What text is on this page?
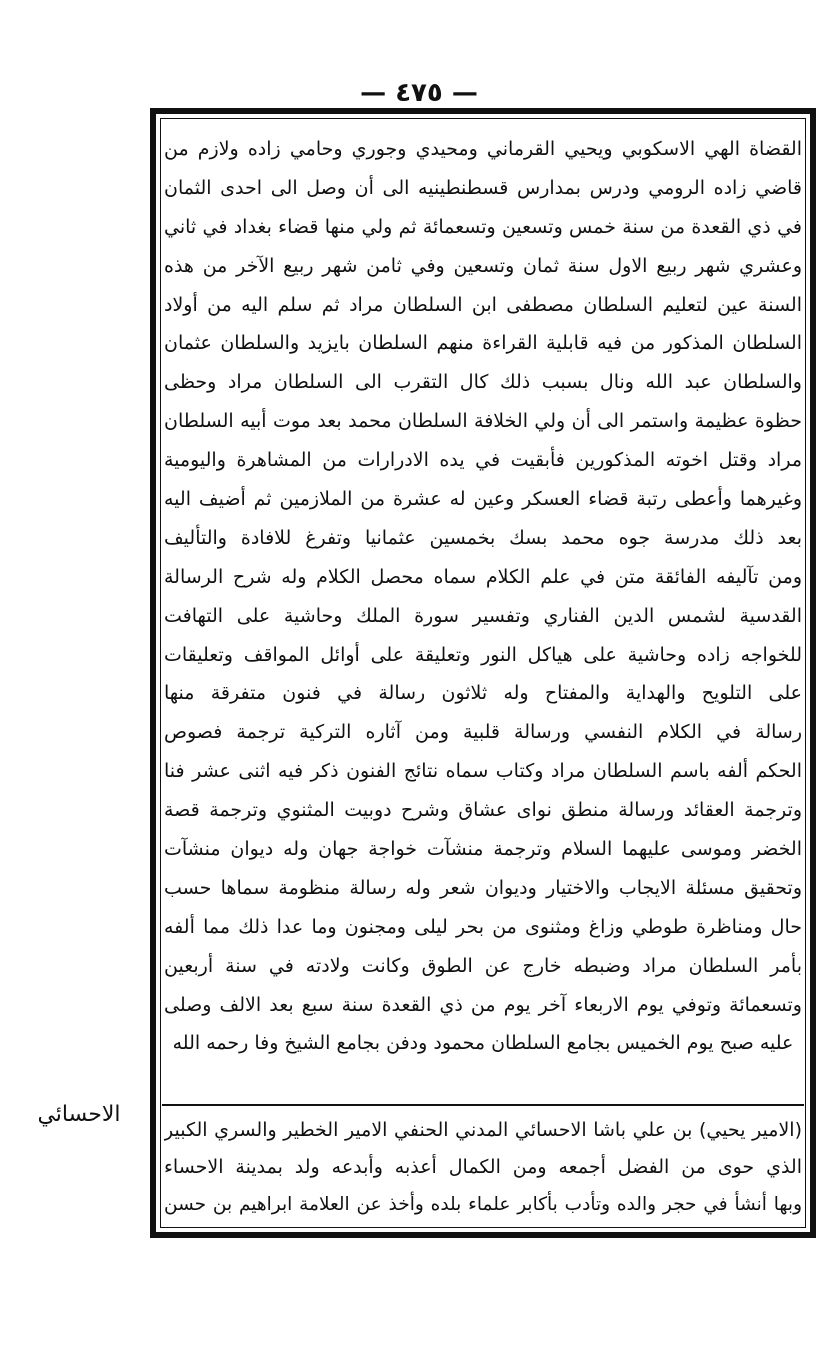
— ٤٧٥ —
الاحسائي
القضاة الهي الاسكوبي ويحيي القرماني ومحيدي وجوري وحامي زاده ولازم من
قاضي زاده الرومي ودرس بمدارس قسطنطينيه الى أن وصل الى احدى الثمان
في ذي القعدة من سنة خمس وتسعين وتسعمائة ثم ولي منها قضاء بغداد في ثاني
وعشري شهر ربيع الاول سنة ثمان وتسعين وفي ثامن شهر ربيع الآخر من هذه
السنة عين لتعليم السلطان مصطفى ابن السلطان مراد ثم سلم اليه من أولاد
السلطان المذكور من فيه قابلية القراءة منهم السلطان بايزيد والسلطان عثمان
والسلطان عبد الله ونال بسبب ذلك كال التقرب الى السلطان مراد وحظى
حظوة عظيمة واستمر الى أن ولي الخلافة السلطان محمد بعد موت أبيه السلطان
مراد وقتل اخوته المذكورين فأبقيت في يده الادرارات من المشاهرة واليومية
وغيرهما وأعطى رتبة قضاء العسكر وعين له عشرة من الملازمين ثم أضيف اليه
بعد ذلك مدرسة جوه محمد بسك بخمسين عثمانيا وتفرغ للافادة والتأليف
ومن تآليفه الفائقة متن في علم الكلام سماه محصل الكلام وله شرح الرسالة
القدسية لشمس الدين الفناري وتفسير سورة الملك وحاشية على التهافت
للخواجه زاده وحاشية على هياكل النور وتعليقة على أوائل المواقف وتعليقات
على التلويح والهداية والمفتاح وله ثلاثون رسالة في فنون متفرقة منها
رسالة في الكلام النفسي ورسالة قلبية ومن آثاره التركية ترجمة فصوص
الحكم ألفه باسم السلطان مراد وكتاب سماه نتائج الفنون ذكر فيه اثنى عشر فنا
وترجمة العقائد ورسالة منطق نواى عشاق وشرح دوبيت المثنوي وترجمة قصة
الخضر وموسى عليهما السلام وترجمة منشآت خواجة جهان وله ديوان منشآت
وتحقيق مسئلة الايجاب والاختيار وديوان شعر وله رسالة منظومة سماها حسب
حال ومناظرة طوطي وزاغ ومثنوى من بحر ليلى ومجنون وما عدا ذلك مما ألفه
بأمر السلطان مراد وضبطه خارج عن الطوق وكانت ولادته في سنة أربعين
وتسعمائة وتوفي يوم الاربعاء آخر يوم من ذي القعدة سنة سبع بعد الالف وصلى
عليه صبح يوم الخميس بجامع السلطان محمود ودفن بجامع الشيخ وفا رحمه الله
(الامير يحيي) بن علي باشا الاحسائي المدني الحنفي الامير الخطير والسري الكبير
الذي حوى من الفضل أجمعه ومن الكمال أعذبه وأبدعه ولد بمدينة الاحساء
وبها أنشأ في حجر والده وتأدب بأكابر علماء بلده وأخذ عن العلامة ابراهيم بن حسن
